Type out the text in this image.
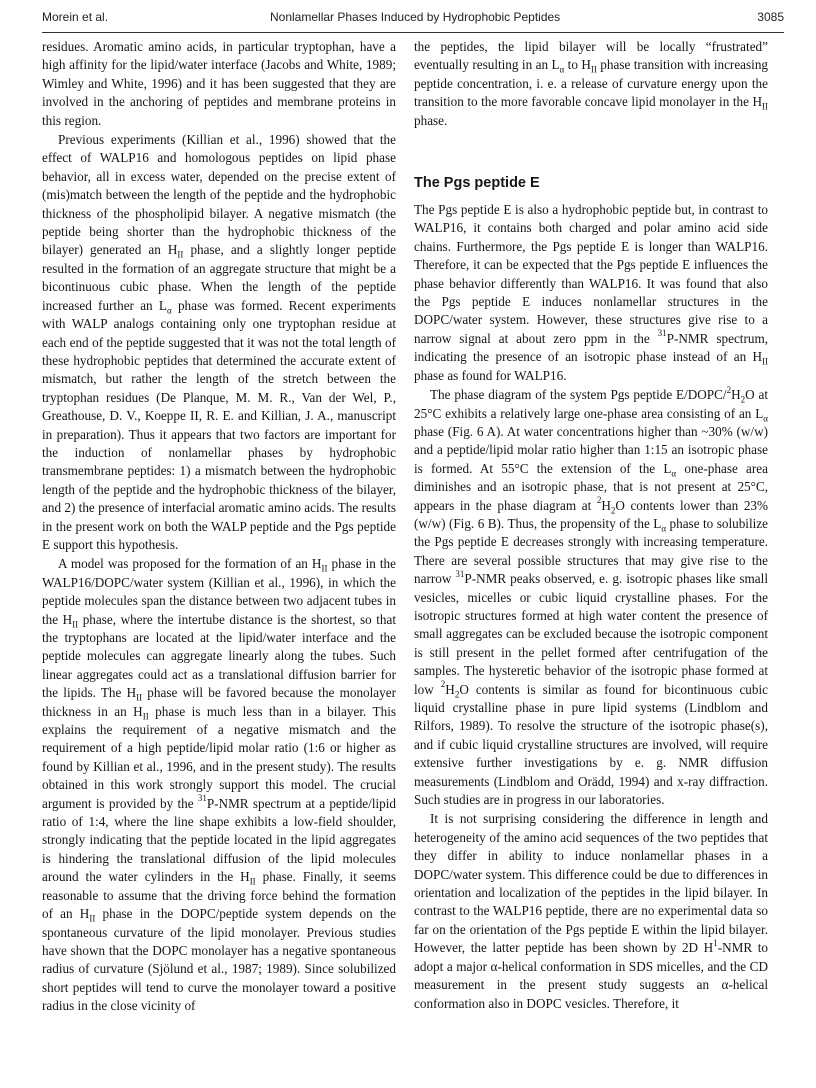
Morein et al.	Nonlamellar Phases Induced by Hydrophobic Peptides	3085

residues. Aromatic amino acids, in particular tryptophan, have a high affinity for the lipid/water interface (Jacobs and White, 1989; Wimley and White, 1996) and it has been suggested that they are involved in the anchoring of peptides and membrane proteins in this region.

Previous experiments (Killian et al., 1996) showed that the effect of WALP16 and homologous peptides on lipid phase behavior, all in excess water, depended on the precise extent of (mis)match between the length of the peptide and the hydrophobic thickness of the phospholipid bilayer. A negative mismatch (the peptide being shorter than the hydrophobic thickness of the bilayer) generated an $H_{II}$ phase, and a slightly longer peptide resulted in the formation of an aggregate structure that might be a bicontinuous cubic phase. When the length of the peptide increased further an $L_\alpha$ phase was formed. Recent experiments with WALP analogs containing only one tryptophan residue at each end of the peptide suggested that it was not the total length of these hydrophobic peptides that determined the accurate extent of mismatch, but rather the length of the stretch between the tryptophan residues (De Planque, M. M. R., Van der Wel, P., Greathouse, D. V., Koeppe II, R. E. and Killian, J. A., manuscript in preparation). Thus it appears that two factors are important for the induction of nonlamellar phases by hydrophobic transmembrane peptides: 1) a mismatch between the hydrophobic length of the peptide and the hydrophobic thickness of the bilayer, and 2) the presence of interfacial aromatic amino acids. The results in the present work on both the WALP peptide and the Pgs peptide E support this hypothesis.

A model was proposed for the formation of an $H_{II}$ phase in the WALP16/DOPC/water system (Killian et al., 1996), in which the peptide molecules span the distance between two adjacent tubes in the $H_{II}$ phase, where the intertube distance is the shortest, so that the tryptophans are located at the lipid/water interface and the peptide molecules can aggregate linearly along the tubes. Such linear aggregates could act as a translational diffusion barrier for the lipids. The $H_{II}$ phase will be favored because the monolayer thickness in an $H_{II}$ phase is much less than in a bilayer. This explains the requirement of a negative mismatch and the requirement of a high peptide/lipid molar ratio (1:6 or higher as found by Killian et al., 1996, and in the present study). The results obtained in this work strongly support this model. The crucial argument is provided by the $^{31}$P-NMR spectrum at a peptide/lipid ratio of 1:4, where the line shape exhibits a low-field shoulder, strongly indicating that the peptide located in the lipid aggregates is hindering the translational diffusion of the lipid molecules around the water cylinders in the $H_{II}$ phase. Finally, it seems reasonable to assume that the driving force behind the formation of an $H_{II}$ phase in the DOPC/peptide system depends on the spontaneous curvature of the lipid monolayer. Previous studies have shown that the DOPC monolayer has a negative spontaneous radius of curvature (Sjölund et al., 1987; 1989). Since solubilized short peptides will tend to curve the monolayer toward a positive radius in the close vicinity of

the peptides, the lipid bilayer will be locally “frustrated” eventually resulting in an $L_\alpha$ to $H_{II}$ phase transition with increasing peptide concentration, i. e. a release of curvature energy upon the transition to the more favorable concave lipid monolayer in the $H_{II}$ phase.

The Pgs peptide E

The Pgs peptide E is also a hydrophobic peptide but, in contrast to WALP16, it contains both charged and polar amino acid side chains. Furthermore, the Pgs peptide E is longer than WALP16. Therefore, it can be expected that the Pgs peptide E influences the phase behavior differently than WALP16. It was found that also the Pgs peptide E induces nonlamellar structures in the DOPC/water system. However, these structures give rise to a narrow signal at about zero ppm in the $^{31}$P-NMR spectrum, indicating the presence of an isotropic phase instead of an $H_{II}$ phase as found for WALP16.

The phase diagram of the system Pgs peptide $E/DOPC/^2H_2O$ at 25°C exhibits a relatively large one-phase area consisting of an $L_\alpha$ phase (Fig. 6 A). At water concentrations higher than ~30% (w/w) and a peptide/lipid molar ratio higher than 1:15 an isotropic phase is formed. At 55°C the extension of the $L_\alpha$ one-phase area diminishes and an isotropic phase, that is not present at 25°C, appears in the phase diagram at $^2H_2O$ contents lower than 23% (w/w) (Fig. 6 B). Thus, the propensity of the $L_\alpha$ phase to solubilize the Pgs peptide E decreases strongly with increasing temperature. There are several possible structures that may give rise to the narrow $^{31}$P-NMR peaks observed, e. g. isotropic phases like small vesicles, micelles or cubic liquid crystalline phases. For the isotropic structures formed at high water content the presence of small aggregates can be excluded because the isotropic component is still present in the pellet formed after centrifugation of the samples. The hysteretic behavior of the isotropic phase formed at low $^2H_2O$ contents is similar as found for bicontinuous cubic liquid crystalline phase in pure lipid systems (Lindblom and Rilfors, 1989). To resolve the structure of the isotropic phase(s), and if cubic liquid crystalline structures are involved, will require extensive further investigations by e. g. NMR diffusion measurements (Lindblom and Orädd, 1994) and x-ray diffraction. Such studies are in progress in our laboratories.

It is not surprising considering the difference in length and heterogeneity of the amino acid sequences of the two peptides that they differ in ability to induce nonlamellar phases in a DOPC/water system. This difference could be due to differences in orientation and localization of the peptides in the lipid bilayer. In contrast to the WALP16 peptide, there are no experimental data so far on the orientation of the Pgs peptide E within the lipid bilayer. However, the latter peptide has been shown by 2D $H^1$-NMR to adopt a major α-helical conformation in SDS micelles, and the CD measurement in the present study suggests an α-helical conformation also in DOPC vesicles. Therefore, it
